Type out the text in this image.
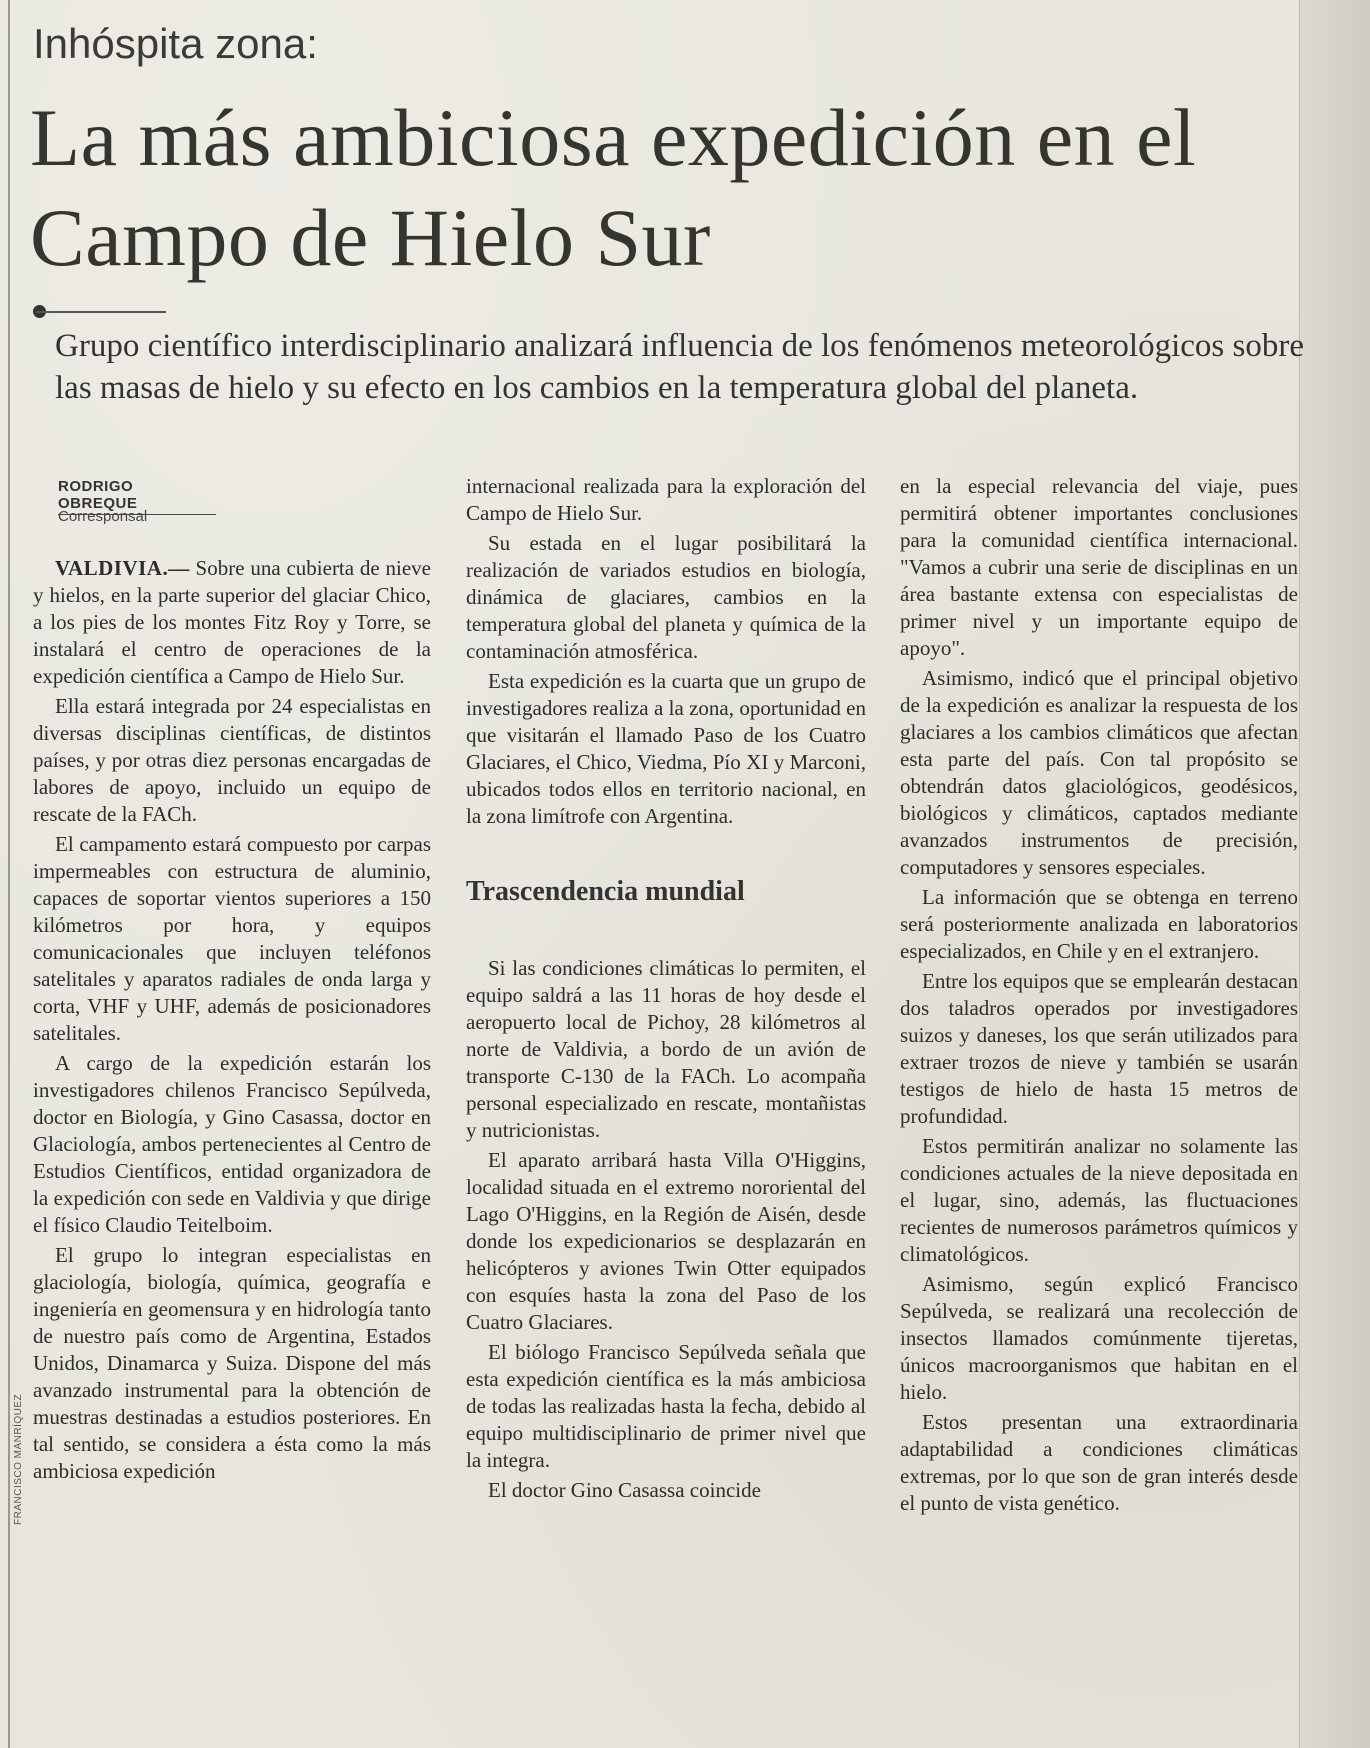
Inhóspita zona:
La más ambiciosa expedición en el Campo de Hielo Sur

Grupo científico interdisciplinario analizará influencia de los fenómenos meteorológicos sobre las masas de hielo y su efecto en los cambios en la temperatura global del planeta.

RODRIGO OBREQUE
Corresponsal

VALDIVIA.— Sobre una cubierta de nieve y hielos, en la parte superior del glaciar Chico, a los pies de los montes Fitz Roy y Torre, se instalará el centro de operaciones de la expedición científica a Campo de Hielo Sur.

Ella estará integrada por 24 especialistas en diversas disciplinas científicas, de distintos países, y por otras diez personas encargadas de labores de apoyo, incluido un equipo de rescate de la FACh.

El campamento estará compuesto por carpas impermeables con estructura de aluminio, capaces de soportar vientos superiores a 150 kilómetros por hora, y equipos comunicacionales que incluyen teléfonos satelitales y aparatos radiales de onda larga y corta, VHF y UHF, además de posicionadores satelitales.

A cargo de la expedición estarán los investigadores chilenos Francisco Sepúlveda, doctor en Biología, y Gino Casassa, doctor en Glaciología, ambos pertenecientes al Centro de Estudios Científicos, entidad organizadora de la expedición con sede en Valdivia y que dirige el físico Claudio Teitelboim.

El grupo lo integran especialistas en glaciología, biología, química, geografía e ingeniería en geomensura y en hidrología tanto de nuestro país como de Argentina, Estados Unidos, Dinamarca y Suiza. Dispone del más avanzado instrumental para la obtención de muestras destinadas a estudios posteriores. En tal sentido, se considera a ésta como la más ambiciosa expedición

internacional realizada para la exploración del Campo de Hielo Sur.

Su estada en el lugar posibilitará la realización de variados estudios en biología, dinámica de glaciares, cambios en la temperatura global del planeta y química de la contaminación atmosférica.

Esta expedición es la cuarta que un grupo de investigadores realiza a la zona, oportunidad en que visitarán el llamado Paso de los Cuatro Glaciares, el Chico, Viedma, Pío XI y Marconi, ubicados todos ellos en territorio nacional, en la zona limítrofe con Argentina.

Trascendencia mundial

Si las condiciones climáticas lo permiten, el equipo saldrá a las 11 horas de hoy desde el aeropuerto local de Pichoy, 28 kilómetros al norte de Valdivia, a bordo de un avión de transporte C-130 de la FACh. Lo acompaña personal especializado en rescate, montañistas y nutricionistas.

El aparato arribará hasta Villa O'Higgins, localidad situada en el extremo nororiental del Lago O'Higgins, en la Región de Aisén, desde donde los expedicionarios se desplazarán en helicópteros y aviones Twin Otter equipados con esquíes hasta la zona del Paso de los Cuatro Glaciares.

El biólogo Francisco Sepúlveda señala que esta expedición científica es la más ambiciosa de todas las realizadas hasta la fecha, debido al equipo multidisciplinario de primer nivel que la integra.

El doctor Gino Casassa coincide

en la especial relevancia del viaje, pues permitirá obtener importantes conclusiones para la comunidad científica internacional. "Vamos a cubrir una serie de disciplinas en un área bastante extensa con especialistas de primer nivel y un importante equipo de apoyo".

Asimismo, indicó que el principal objetivo de la expedición es analizar la respuesta de los glaciares a los cambios climáticos que afectan esta parte del país. Con tal propósito se obtendrán datos glaciológicos, geodésicos, biológicos y climáticos, captados mediante avanzados instrumentos de precisión, computadores y sensores especiales.

La información que se obtenga en terreno será posteriormente analizada en laboratorios especializados, en Chile y en el extranjero.

Entre los equipos que se emplearán destacan dos taladros operados por investigadores suizos y daneses, los que serán utilizados para extraer trozos de nieve y también se usarán testigos de hielo de hasta 15 metros de profundidad.

Estos permitirán analizar no solamente las condiciones actuales de la nieve depositada en el lugar, sino, además, las fluctuaciones recientes de numerosos parámetros químicos y climatológicos.

Asimismo, según explicó Francisco Sepúlveda, se realizará una recolección de insectos llamados comúnmente tijeretas, únicos macroorganismos que habitan en el hielo.

Estos presentan una extraordinaria adaptabilidad a condiciones climáticas extremas, por lo que son de gran interés desde el punto de vista genético.

FRANCISCO MANRÍQUEZ
